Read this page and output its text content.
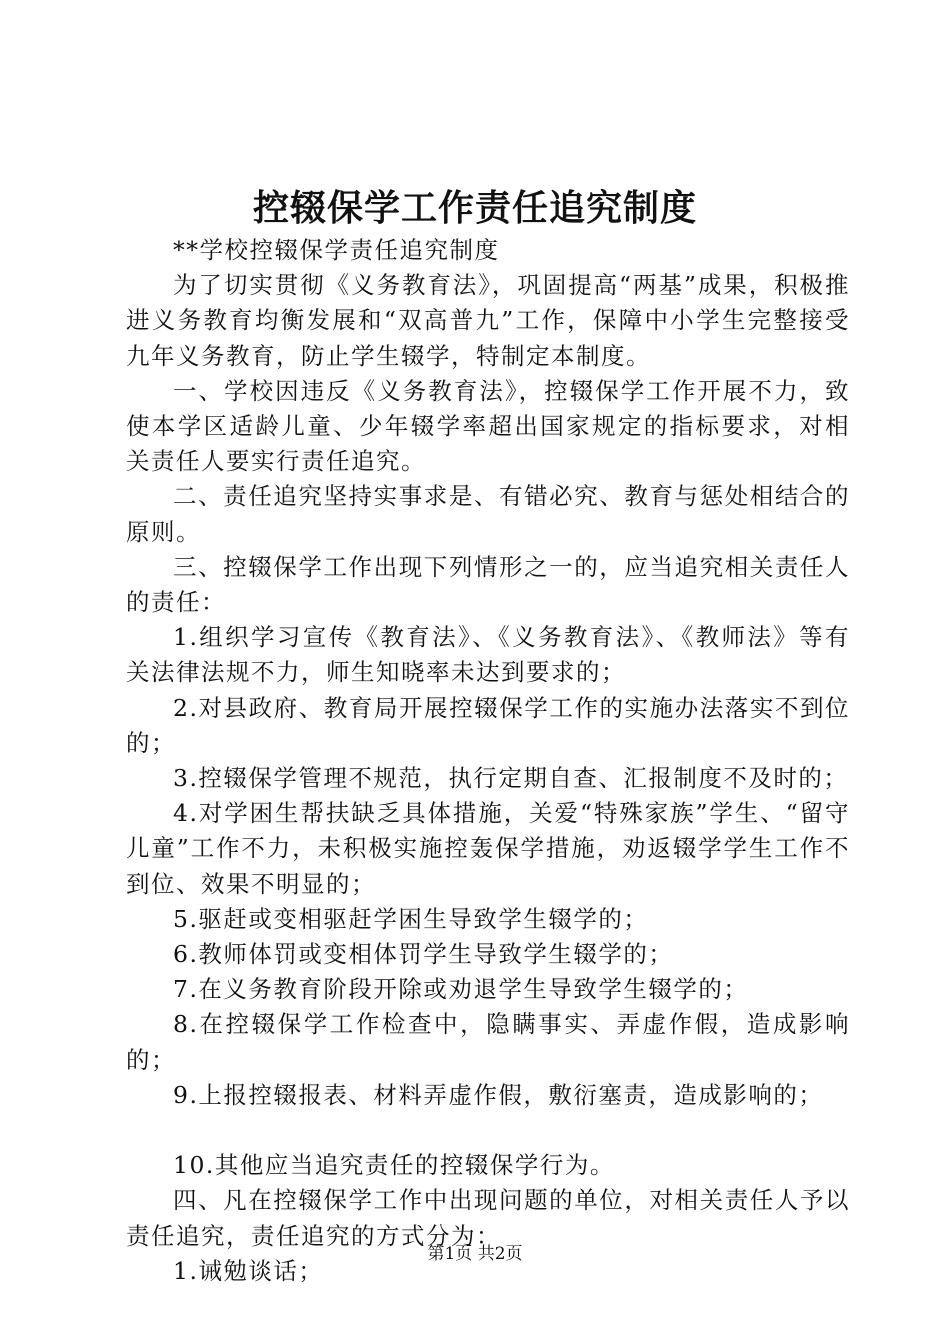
控辍保学工作责任追究制度

**学校控辍保学责任追究制度

为了切实贯彻《义务教育法》，巩固提高“两基”成果，积极推进义务教育均衡发展和“双高普九”工作，保障中小学生完整接受九年义务教育，防止学生辍学，特制定本制度。

一、学校因违反《义务教育法》，控辍保学工作开展不力，致使本学区适龄儿童、少年辍学率超出国家规定的指标要求，对相关责任人要实行责任追究。

二、责任追究坚持实事求是、有错必究、教育与惩处相结合的原则。

三、控辍保学工作出现下列情形之一的，应当追究相关责任人的责任：

1.组织学习宣传《教育法》、《义务教育法》、《教师法》等有关法律法规不力，师生知晓率未达到要求的；

2.对县政府、教育局开展控辍保学工作的实施办法落实不到位的；

3.控辍保学管理不规范，执行定期自查、汇报制度不及时的；

4.对学困生帮扶缺乏具体措施，关爱“特殊家族”学生、“留守儿童”工作不力，未积极实施控轰保学措施，劝返辍学学生工作不到位、效果不明显的；

5.驱赶或变相驱赶学困生导致学生辍学的；

6.教师体罚或变相体罚学生导致学生辍学的；

7.在义务教育阶段开除或劝退学生导致学生辍学的；

8.在控辍保学工作检查中，隐瞒事实、弄虚作假，造成影响的；

9.上报控辍报表、材料弄虚作假，敷衍塞责，造成影响的；

10.其他应当追究责任的控辍保学行为。

四、凡在控辍保学工作中出现问题的单位，对相关责任人予以责任追究，责任追究的方式分为：

1.诫勉谈话；

第1页 共2页
